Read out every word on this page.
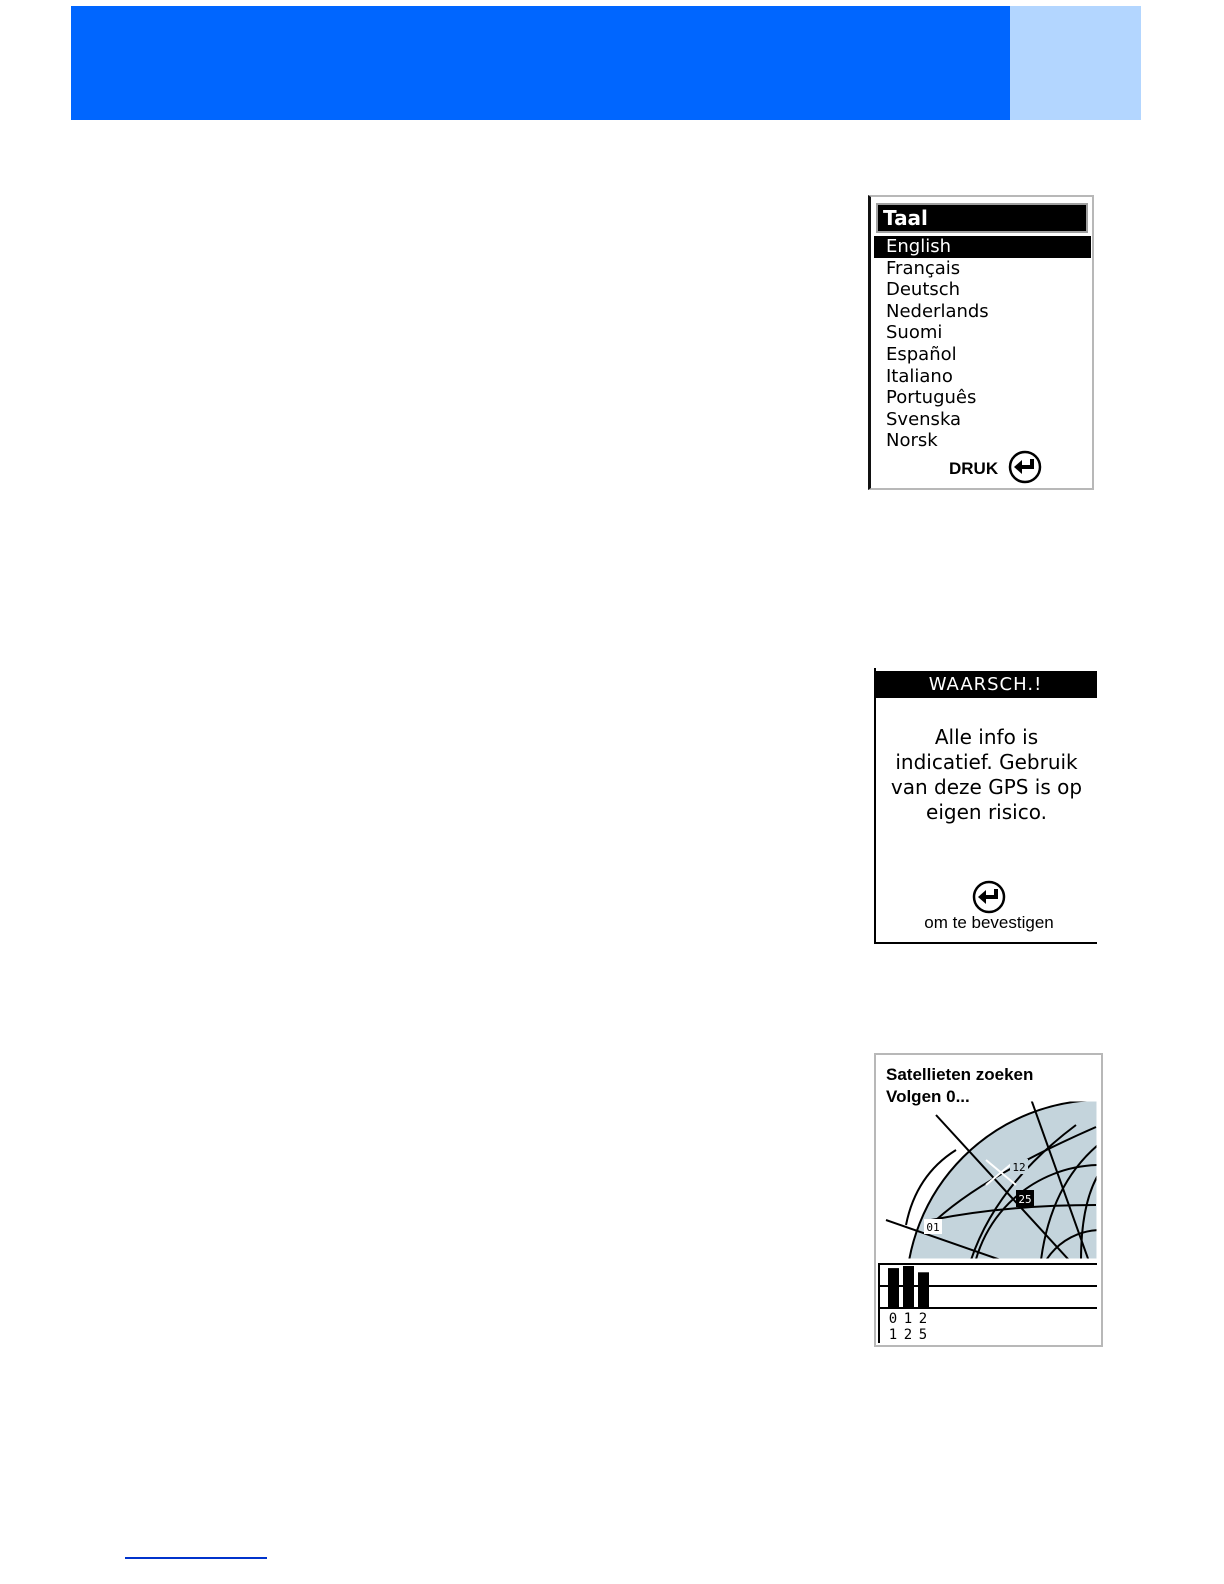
Taal
English
Français
Deutsch
Nederlands
Suomi
Español
Italiano
Português
Svenska
Norsk
DRUK
WAARSCH.!
Alle info is
indicatief. Gebruik
van deze GPS is op
eigen risico.
om te bevestigen
01
12
25
0
1
1
2
2
5
Satellieten zoeken
Volgen 0...
